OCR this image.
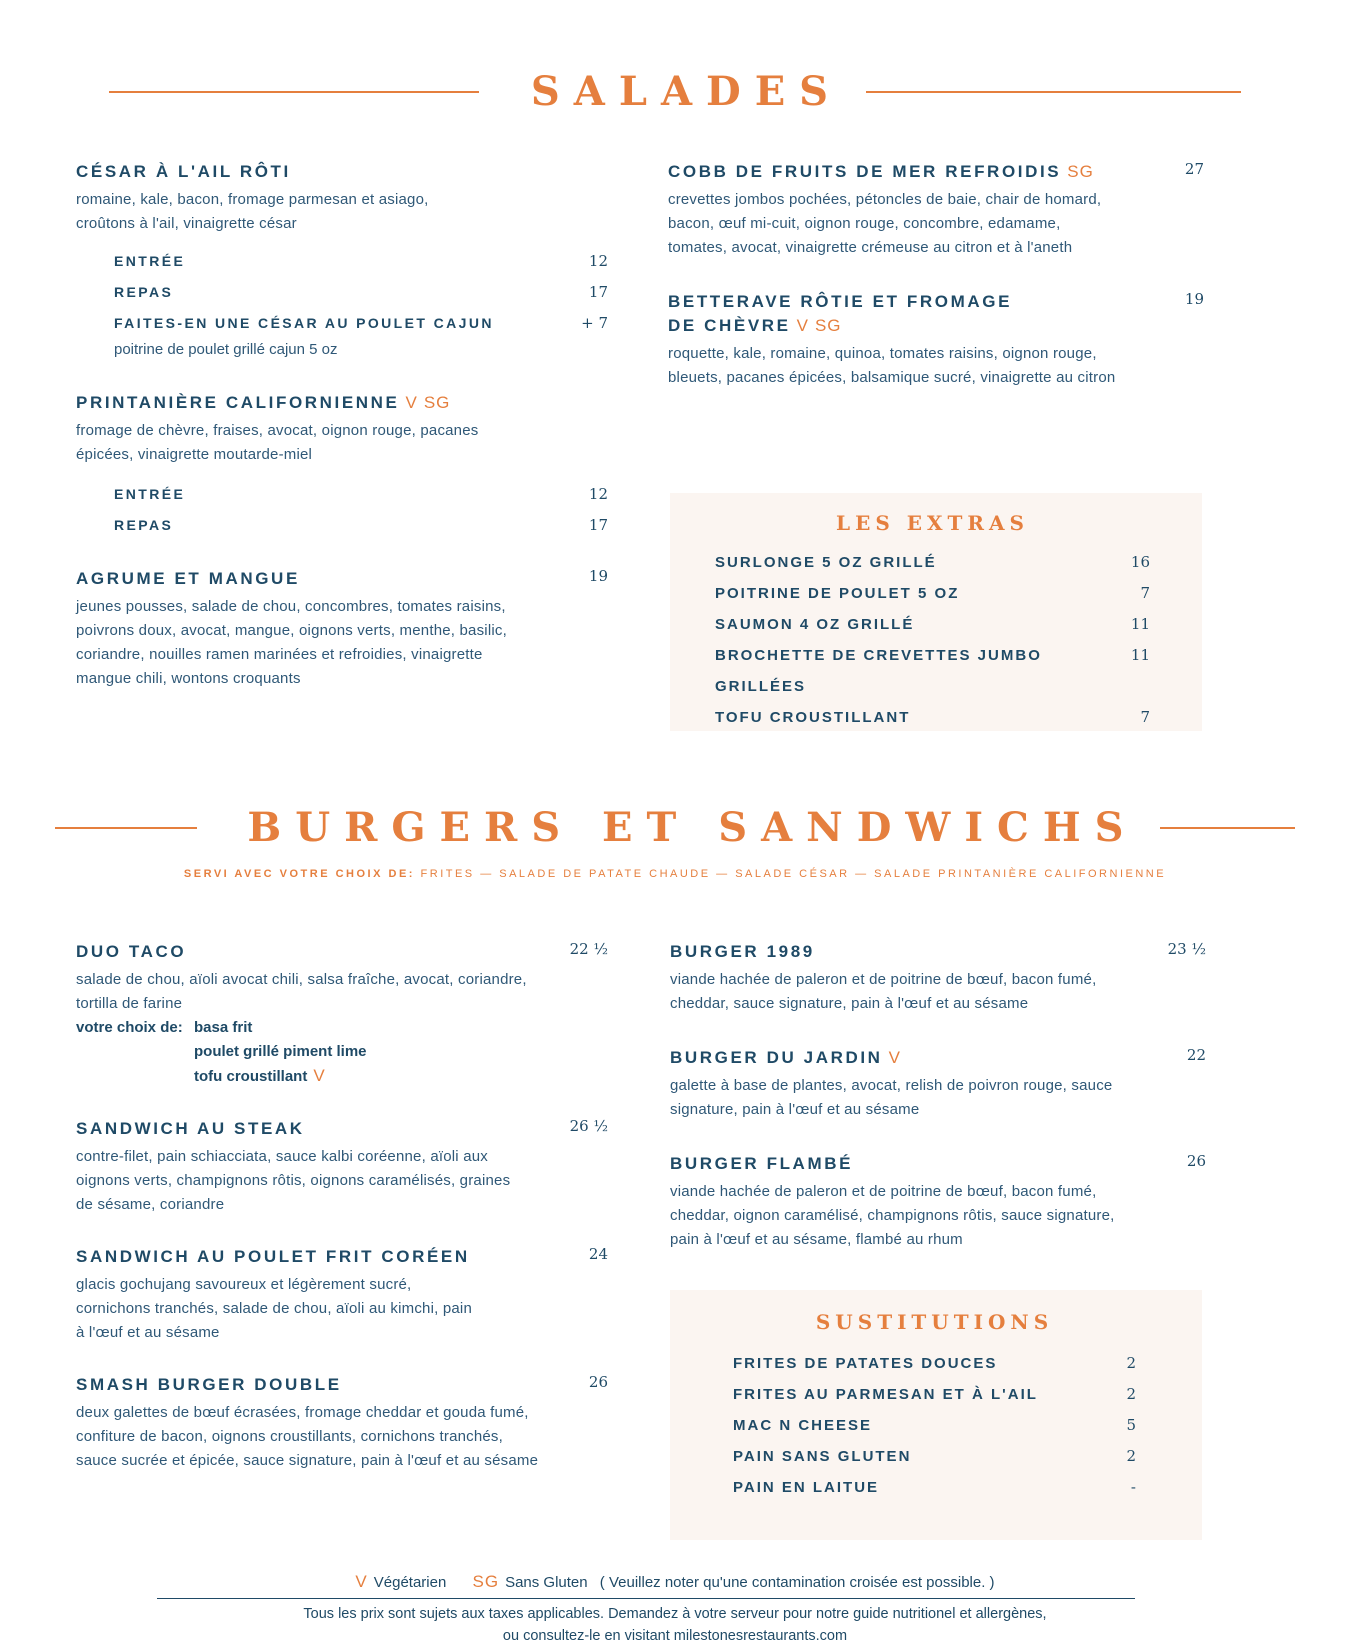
SALADES
CÉSAR À L'AIL RÔTI
romaine, kale, bacon, fromage parmesan et asiago, croûtons à l'ail, vinaigrette césar
ENTRÉE	12
REPAS	17
FAITES-EN UNE CÉSAR AU POULET CAJUN	+ 7
poitrine de poulet grillé cajun 5 oz
PRINTANIÈRE CALIFORNIENNE V SG
fromage de chèvre, fraises, avocat, oignon rouge, pacanes épicées, vinaigrette moutarde-miel
ENTRÉE	12
REPAS	17
AGRUME ET MANGUE	19
jeunes pousses, salade de chou, concombres, tomates raisins, poivrons doux, avocat, mangue, oignons verts, menthe, basilic, coriandre, nouilles ramen marinées et refroidies, vinaigrette mangue chili, wontons croquants
COBB DE FRUITS DE MER REFROIDIS SG	27
crevettes jombos pochées, pétoncles de baie, chair de homard, bacon, œuf mi-cuit, oignon rouge, concombre, edamame, tomates, avocat, vinaigrette crémeuse au citron et à l'aneth
BETTERAVE RÔTIE ET FROMAGE
DE CHÈVRE V SG
19
roquette, kale, romaine, quinoa, tomates raisins, oignon rouge, bleuets, pacanes épicées, balsamique sucré, vinaigrette au citron
LES EXTRAS
SURLONGE 5 OZ GRILLÉ	16
POITRINE DE POULET 5 OZ	7
SAUMON 4 OZ GRILLÉ	11
BROCHETTE DE CREVETTES JUMBO GRILLÉES
11
TOFU CROUSTILLANT	7
BURGERS ET SANDWICHS
SERVI AVEC VOTRE CHOIX DE: FRITES — SALADE DE PATATE CHAUDE — SALADE CÉSAR — SALADE PRINTANIÈRE CALIFORNIENNE
DUO TACO	22 ½
salade de chou, aïoli avocat chili, salsa fraîche, avocat, coriandre, tortilla de farine
votre choix de: basa frit
poulet grillé piment lime
tofu croustillant V
SANDWICH AU STEAK	26 ½
contre-filet, pain schiacciata, sauce kalbi coréenne, aïoli aux oignons verts, champignons rôtis, oignons caramélisés, graines de sésame, coriandre
SANDWICH AU POULET FRIT CORÉEN	24
glacis gochujang savoureux et légèrement sucré, cornichons tranchés, salade de chou, aïoli au kimchi, pain à l'œuf et au sésame
SMASH BURGER DOUBLE	26
deux galettes de bœuf écrasées, fromage cheddar et gouda fumé, confiture de bacon, oignons croustillants, cornichons tranchés, sauce sucrée et épicée, sauce signature, pain à l'œuf et au sésame
BURGER 1989	23 ½
viande hachée de paleron et de poitrine de bœuf, bacon fumé, cheddar, sauce signature, pain à l'œuf et au sésame
BURGER DU JARDIN V	22
galette à base de plantes, avocat, relish de poivron rouge, sauce signature, pain à l'œuf et au sésame
BURGER FLAMBÉ	26
viande hachée de paleron et de poitrine de bœuf, bacon fumé, cheddar, oignon caramélisé, champignons rôtis, sauce signature, pain à l'œuf et au sésame, flambé au rhum
SUSTITUTIONS
FRITES DE PATATES DOUCES	2
FRITES AU PARMESAN ET À L'AIL	2
MAC N CHEESE	5
PAIN SANS GLUTEN	2
PAIN EN LAITUE	-
V Végétarien SG Sans Gluten ( Veuillez noter qu'une contamination croisée est possible. )
Tous les prix sont sujets aux taxes applicables. Demandez à votre serveur pour notre guide nutritionel et allergènes,
ou consultez-le en visitant milestonesrestaurants.com
